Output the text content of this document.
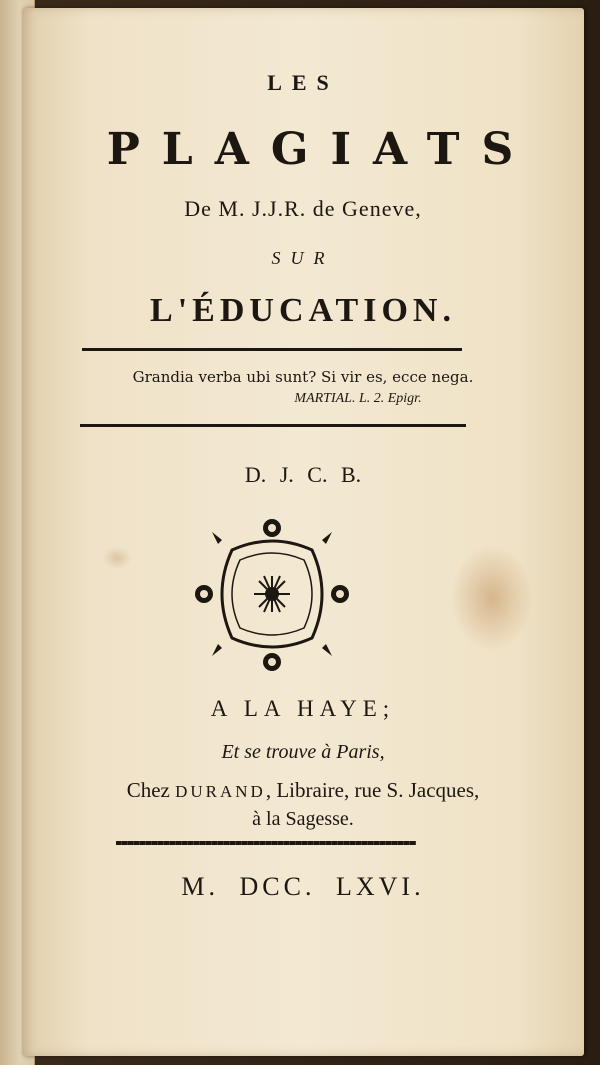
LES

PLAGIATS

De M. J.J.R. de Geneve,

SUR

L'ÉDUCATION.

Grandia verba ubi sunt? Si vir es, ecce nega.

MARTIAL. L. 2. Epigr.

D. J. C. B.

A LA HAYE;

Et se trouve à Paris,

Chez DURAND, Libraire, rue S. Jacques,

à la Sagesse.

M. DCC. LXVI.
